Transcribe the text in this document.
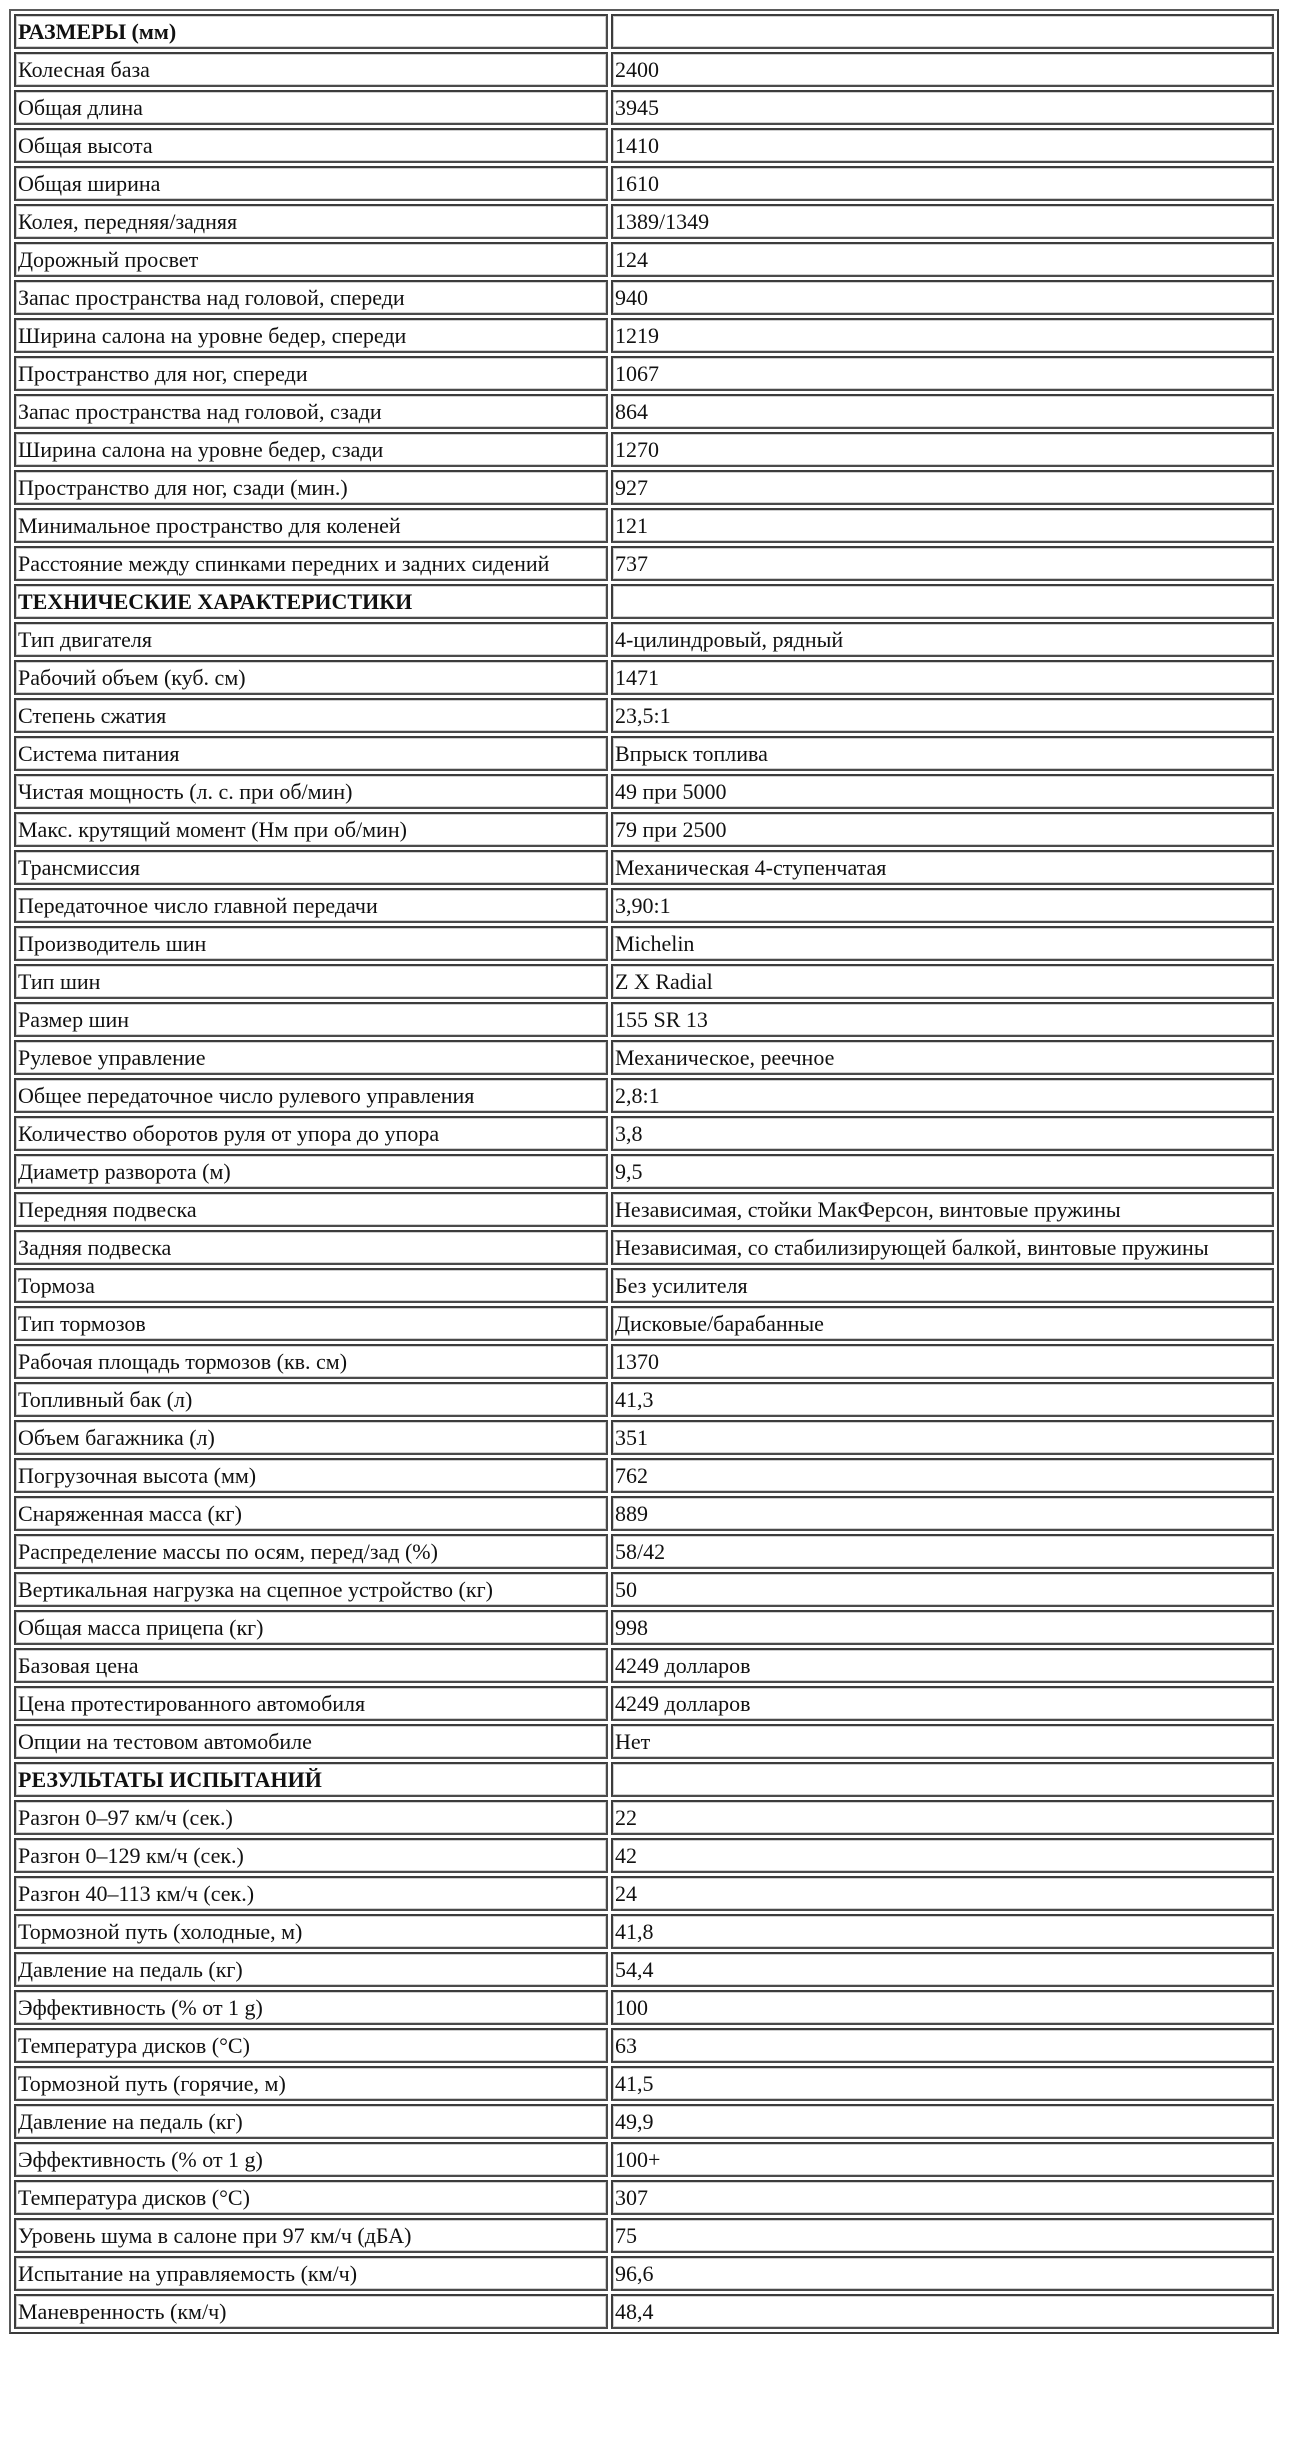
РАЗМЕРЫ (мм)	
Колесная база	2400
Общая длина	3945
Общая высота	1410
Общая ширина	1610
Колея, передняя/задняя	1389/1349
Дорожный просвет	124
Запас пространства над головой, спереди	940
Ширина салона на уровне бедер, спереди	1219
Пространство для ног, спереди	1067
Запас пространства над головой, сзади	864
Ширина салона на уровне бедер, сзади	1270
Пространство для ног, сзади (мин.)	927
Минимальное пространство для коленей	121
Расстояние между спинками передних и задних сидений	737
ТЕХНИЧЕСКИЕ ХАРАКТЕРИСТИКИ	
Тип двигателя	4-цилиндровый, рядный
Рабочий объем (куб. см)	1471
Степень сжатия	23,5:1
Система питания	Впрыск топлива
Чистая мощность (л. с. при об/мин)	49 при 5000
Макс. крутящий момент (Нм при об/мин)	79 при 2500
Трансмиссия	Механическая 4-ступенчатая
Передаточное число главной передачи	3,90:1
Производитель шин	Michelin
Тип шин	Z X Radial
Размер шин	155 SR 13
Рулевое управление	Механическое, реечное
Общее передаточное число рулевого управления	2,8:1
Количество оборотов руля от упора до упора	3,8
Диаметр разворота (м)	9,5
Передняя подвеска	Независимая, стойки МакФерсон, винтовые пружины
Задняя подвеска	Независимая, со стабилизирующей балкой, винтовые пружины
Тормоза	Без усилителя
Тип тормозов	Дисковые/барабанные
Рабочая площадь тормозов (кв. см)	1370
Топливный бак (л)	41,3
Объем багажника (л)	351
Погрузочная высота (мм)	762
Снаряженная масса (кг)	889
Распределение массы по осям, перед/зад (%)	58/42
Вертикальная нагрузка на сцепное устройство (кг)	50
Общая масса прицепа (кг)	998
Базовая цена	4249 долларов
Цена протестированного автомобиля	4249 долларов
Опции на тестовом автомобиле	Нет
РЕЗУЛЬТАТЫ ИСПЫТАНИЙ	
Разгон 0–97 км/ч (сек.)	22
Разгон 0–129 км/ч (сек.)	42
Разгон 40–113 км/ч (сек.)	24
Тормозной путь (холодные, м)	41,8
Давление на педаль (кг)	54,4
Эффективность (% от 1 g)	100
Температура дисков (°C)	63
Тормозной путь (горячие, м)	41,5
Давление на педаль (кг)	49,9
Эффективность (% от 1 g)	100+
Температура дисков (°C)	307
Уровень шума в салоне при 97 км/ч (дБА)	75
Испытание на управляемость (км/ч)	96,6
Маневренность (км/ч)	48,4
